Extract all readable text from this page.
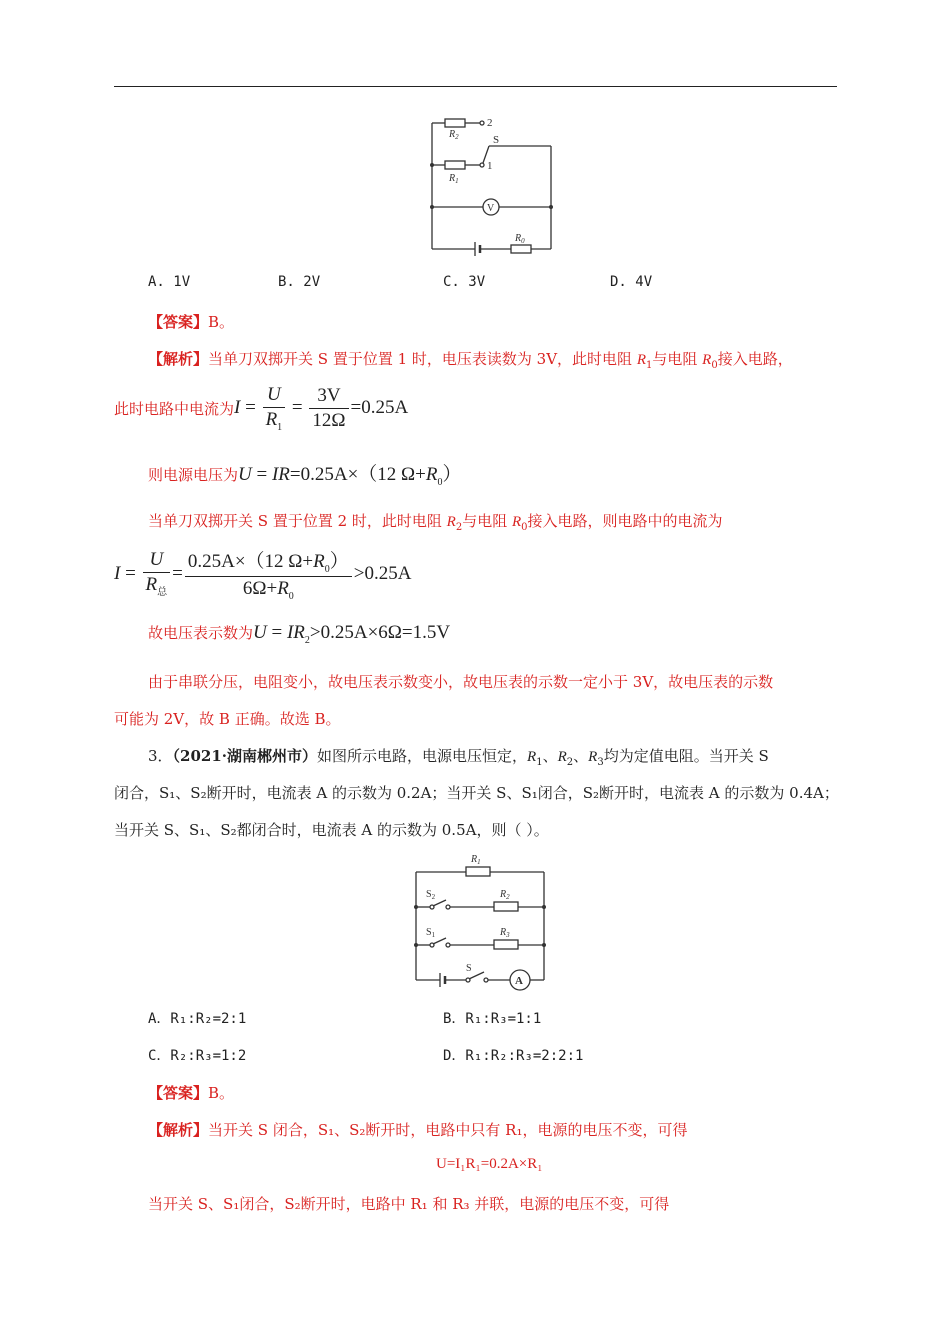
$R_2$
2
S
1
$R_1$
V
$R_0$
A. 1V	B. 2V	C. 3V	D. 4V
【答案】B。
【解析】当单刀双掷开关 S 置于位置 1 时，电压表读数为 3V，此时电阻 $R_1$与电阻 $R_0$接入电路，
此时电路中电流为$I = \frac{U}{R_1} = \frac{3V}{12\Omega} =0.25A$
则电源电压为U = IR=0.25A×（12 $\Omega+R_0$）
当单刀双掷开关 S 置于位置 2 时，此时电阻 $R_2$与电阻 $R_0$接入电路，则电路中的电流为
$I = \frac{U}{R_总} = \frac{0.25A\times(12 \Omega+R_0)}{6\Omega+R_0} >0.25A$
故电压表示数为$U = IR_2>0.25A\times 6\Omega=1.5V$
由于串联分压，电阻变小，故电压表示数变小，故电压表的示数一定小于 3V，故电压表的示数
可能为 2V，故 B 正确。故选 B。
3．（2021·湖南郴州市）如图所示电路，电源电压恒定，$R_1$、$R_2$、$R_3$均为定值电阻。当开关 S
闭合，S₁、S₂断开时，电流表 A 的示数为 0.2A；当开关 S、S₁闭合，S₂断开时，电流表 A 的示数为 0.4A；
当开关 S、S₁、S₂都闭合时，电流表 A 的示数为 0.5A，则（ ）。
$R_1$
$S_2$	$R_2$
$S_1$	$R_3$
S
A
A．R₁:R₂=2:1	B．R₁:R₃=1:1
C．R₂:R₃=1:2	D．R₁:R₂:R₃=2:2:1
【答案】B。
【解析】当开关 S 闭合，S₁、S₂断开时，电路中只有 R₁，电源的电压不变，可得
U=I₁R₁=0.2A×R₁
当开关 S、S₁闭合，S₂断开时，电路中 R₁ 和 R₃ 并联，电源的电压不变，可得
